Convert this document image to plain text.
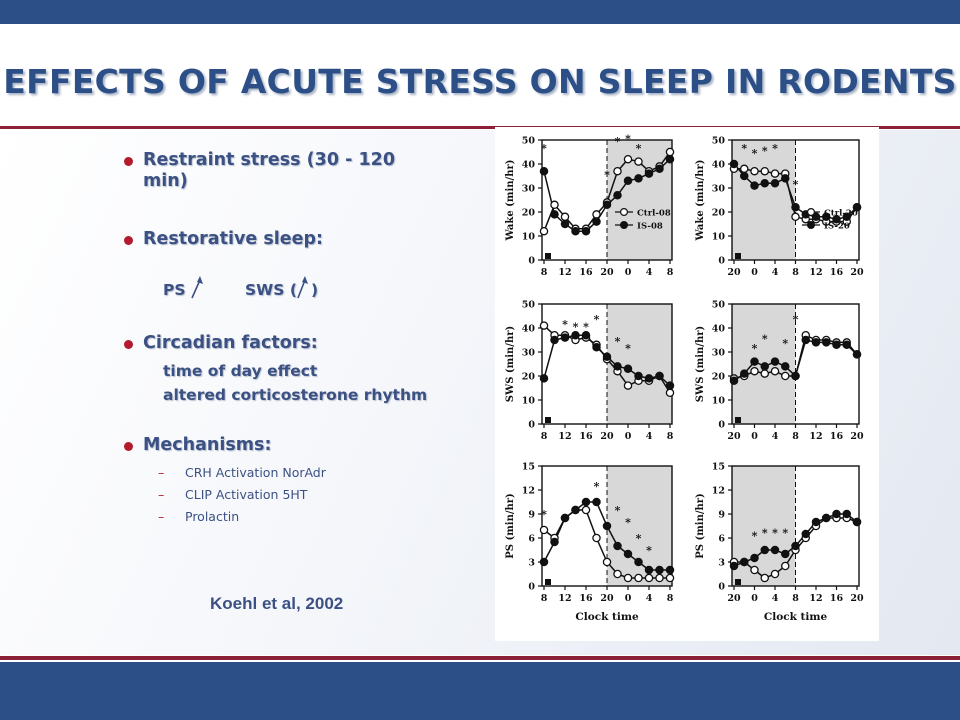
EFFECTS OF ACUTE STRESS ON SLEEP IN RODENTS
Restraint stress (30 - 120 min)
Restorative sleep:
PS	SWS ( )
Circadian factors:
time of day effect
altered corticosterone rhythm
Mechanisms:
– CRH Activation NorAdr
– CLIP Activation 5HT
– Prolactin
Koehl et al, 2002
0
10
20
30
40
50
8 12 16 20 0 4 8
Wake (min/hr)
*
*
* *
*
Ctrl-08
IS-08
0
10
20
30
40
50
20 0 4 8 12 16 20
Wake (min/hr)
* * * *
*
Ctrl-20
IS-20
0
10
20
30
40
50
8 12 16 20 0 4 8
SWS (min/hr)
* * *
*
*
*
0
10
20
30
40
50
20 0 4 8 12 16 20
SWS (min/hr)	*
* *
*
0
3
6
9
12
15
8 12 16 20 0 4 8
PS (min/hr)
Clock time
*
*
*
*
*
*
0
3
6
9
12
15
20 0 4 8 12 16 20
PS (min/hr)
Clock time
* * * *
